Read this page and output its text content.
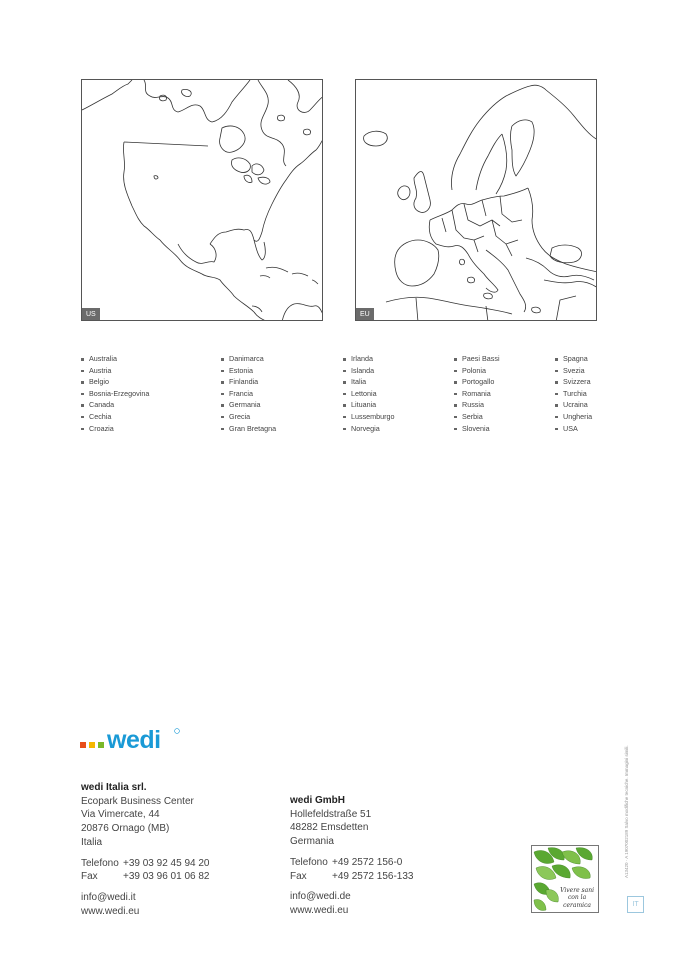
US	EU
Australia
Austria
Belgio
Bosnia-Erzegovina
Canada
Cechia
Croazia
Danimarca
Estonia
Finlandia
Francia
Germania
Grecia
Gran Bretagna
Irlanda
Islanda
Italia
Lettonia
Lituania
Lussemburgo
Norvegia
Paesi Bassi
Polonia
Portogallo
Romania
Russia
Serbia
Slovenia
Spagna
Svezia
Svizzera
Turchia
Ucraina
Ungheria
USA
wedi
wedi Italia srl.
Ecopark Business Center
Via Vimercate, 44
20876 Ornago (MB)
Italia
Telefono +39 03 92 45 94 20
Fax	+39 03 96 01 06 82
info@wedi.it
www.wedi.eu
wedi GmbH
Hollefeldstraße 51
48282 Emsdetten
Germania
Telefono +49 2572 156-0
Fax	+49 2572 156-133
info@wedi.de
www.wedi.eu
Vivere sani
con la
ceramica
A13420 · A 1907002189 Salvo modifiche tecniche. Immagini simili.
IT
